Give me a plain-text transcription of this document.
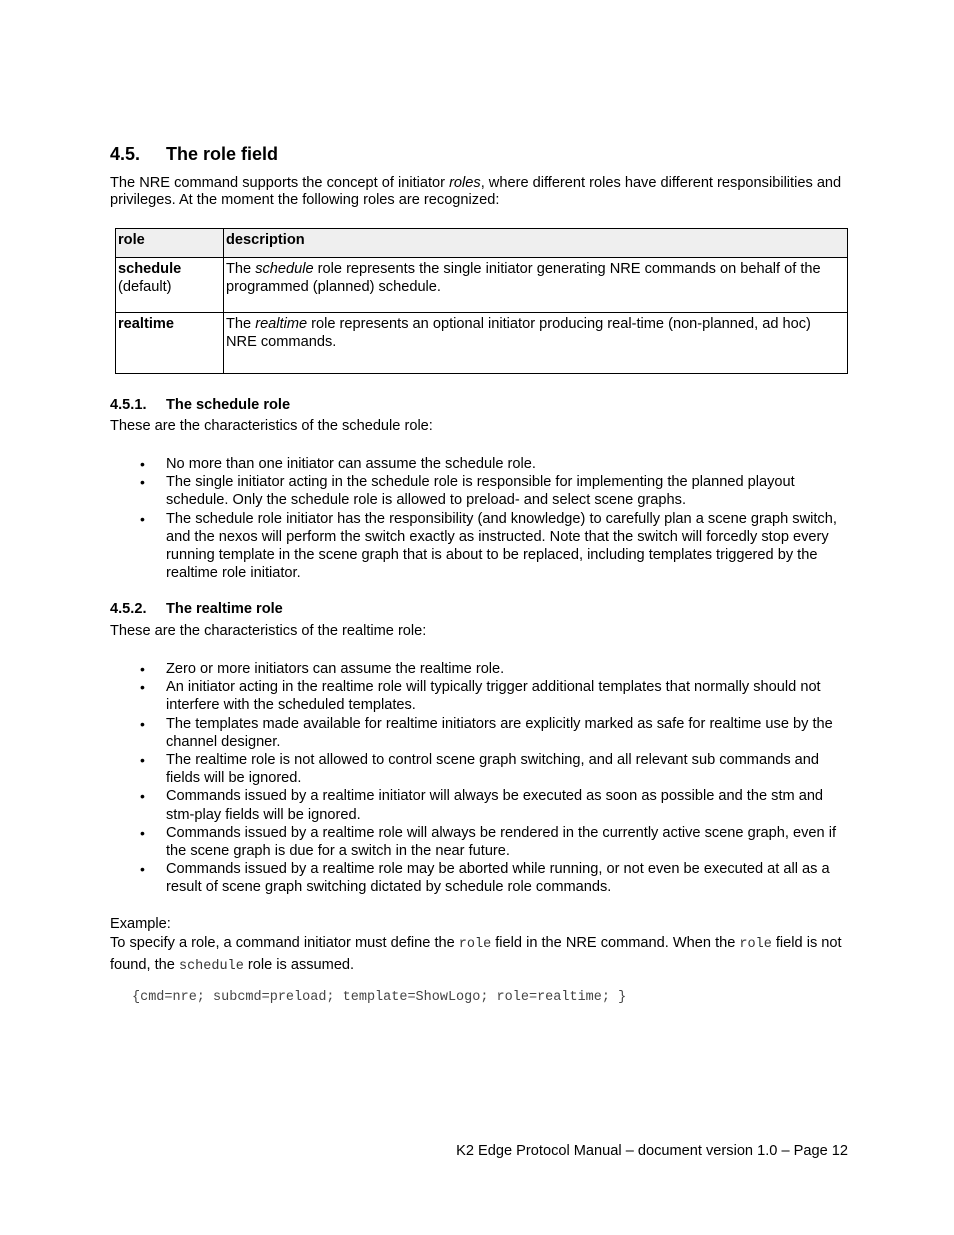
4.5. The role field

The NRE command supports the concept of initiator roles, where different roles have different responsibilities and privileges. At the moment the following roles are recognized:

role	description
schedule
(default)	The schedule role represents the single initiator generating NRE commands on behalf of the programmed (planned) schedule.
realtime	The realtime role represents an optional initiator producing real-time (non-planned, ad hoc) NRE commands.
4.5.1. The schedule role

These are the characteristics of the schedule role:

• No more than one initiator can assume the schedule role.
• The single initiator acting in the schedule role is responsible for implementing the planned playout schedule. Only the schedule role is allowed to preload- and select scene graphs.
• The schedule role initiator has the responsibility (and knowledge) to carefully plan a scene graph switch, and the nexos will perform the switch exactly as instructed. Note that the switch will forcedly stop every running template in the scene graph that is about to be replaced, including templates triggered by the realtime role initiator.
4.5.2. The realtime role

These are the characteristics of the realtime role:

• Zero or more initiators can assume the realtime role.
• An initiator acting in the realtime role will typically trigger additional templates that normally should not interfere with the scheduled templates.
• The templates made available for realtime initiators are explicitly marked as safe for realtime use by the channel designer.
• The realtime role is not allowed to control scene graph switching, and all relevant sub commands and fields will be ignored.
• Commands issued by a realtime initiator will always be executed as soon as possible and the stm and stm-play fields will be ignored.
• Commands issued by a realtime role will always be rendered in the currently active scene graph, even if the scene graph is due for a switch in the near future.
• Commands issued by a realtime role may be aborted while running, or not even be executed at all as a result of scene graph switching dictated by schedule role commands.
Example:
To specify a role, a command initiator must define the role field in the NRE command. When the role field is not found, the schedule role is assumed.
{cmd=nre; subcmd=preload; template=ShowLogo; role=realtime; }

K2 Edge Protocol Manual – document version 1.0 – Page 12
